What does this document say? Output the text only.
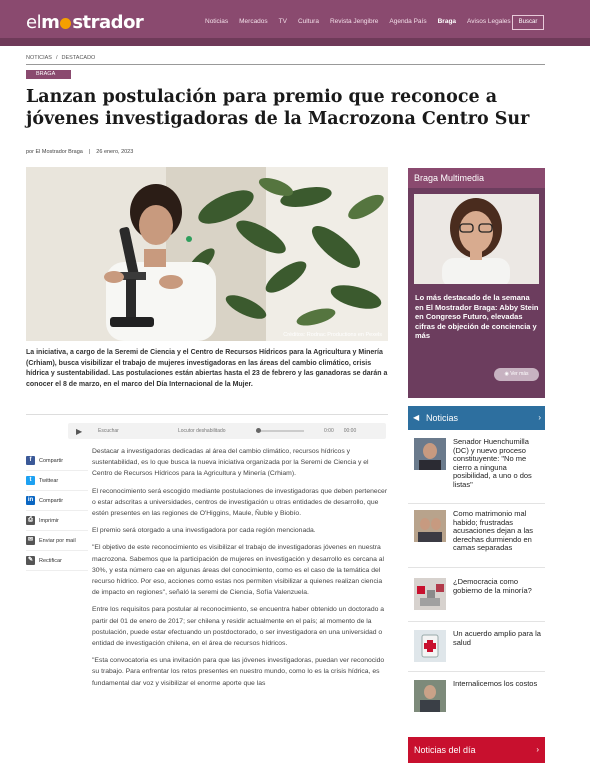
elm strador	Noticias Mercados TV Cultura Revista Jengibre Agenda País Braga Avisos Legales	Buscar
NOTICIAS / DESTACADO
BRAGA
Lanzan postulación para premio que reconoce a jóvenes investigadoras de la Macrozona Centro Sur
por El Mostrador Braga | 26 enero, 2023
Créditos: Rodnac Productions en Pexels

La iniciativa, a cargo de la Seremi de Ciencia y el Centro de Recursos Hídricos para la Agricultura y Minería (Crhiam), busca visibilizar el trabajo de mujeres investigadoras en las áreas del cambio climático, crisis hídrica y sustentabilidad. Las postulaciones están abiertas hasta el 23 de febrero y las ganadoras se darán a conocer el 8 de marzo, en el marco del Día Internacional de la Mujer.

▶	Escuchar	Locutor deshabilitado	0:00 00:00
f	Compartir
t	Twittear
in	Compartir
⎙	Imprimir
✉	Enviar por mail
✎	Rectificar

Destacar a investigadoras dedicadas al área del cambio climático, recursos hídricos y sustentabilidad, es lo que busca la nueva iniciativa organizada por la Seremi de Ciencia y el Centro de Recursos Hídricos para la Agricultura y Minería (Crhiam).

El reconocimiento será escogido mediante postulaciones de investigadoras que deben pertenecer o estar adscritas a universidades, centros de investigación u otras entidades de desarrollo, que estén presentes en las regiones de O'Higgins, Maule, Ñuble y Biobío.

El premio será otorgado a una investigadora por cada región mencionada.

"El objetivo de este reconocimiento es visibilizar el trabajo de investigadoras jóvenes en nuestra macrozona. Sabemos que la participación de mujeres en investigación y desarrollo es cercana al 30%, y esta número cae en algunas áreas del conocimiento, como es el caso de la temática del recurso hídrico. Por eso, acciones como estas nos permiten visibilizar a quienes realizan ciencia de impacto en regiones", señaló la seremi de Ciencia, Sofía Valenzuela.

Entre los requisitos para postular al reconocimiento, se encuentra haber obtenido un doctorado a partir del 01 de enero de 2017; ser chilena y residir actualmente en el país; al momento de la postulación, puede estar efectuando un postdoctorado, o ser investigadora en una universidad o entidad de investigación chilena, en el área de recursos hídricos.

"Esta convocatoria es una invitación para que las jóvenes investigadoras, puedan ver reconocido su trabajo. Para enfrentar los retos presentes en nuestro mundo, como lo es la crisis hídrica, es fundamental dar voz y visibilizar el enorme aporte que las

Braga Multimedia
Lo más destacado de la semana en El Mostrador Braga: Abby Stein en Congreso Futuro, elevadas cifras de objeción de conciencia y más
◉ Ver más
◀ Noticias	›
Senador Huenchumilla (DC) y nuevo proceso constituyente: "No me cierro a ninguna posibilidad, a uno o dos listas"
Como matrimonio mal habido; frustradas acusaciones dejan a las derechas durmiendo en camas separadas
¿Democracia como gobierno de la minoría?
Un acuerdo amplio para la salud
Internalicemos los costos
Noticias del día	›
